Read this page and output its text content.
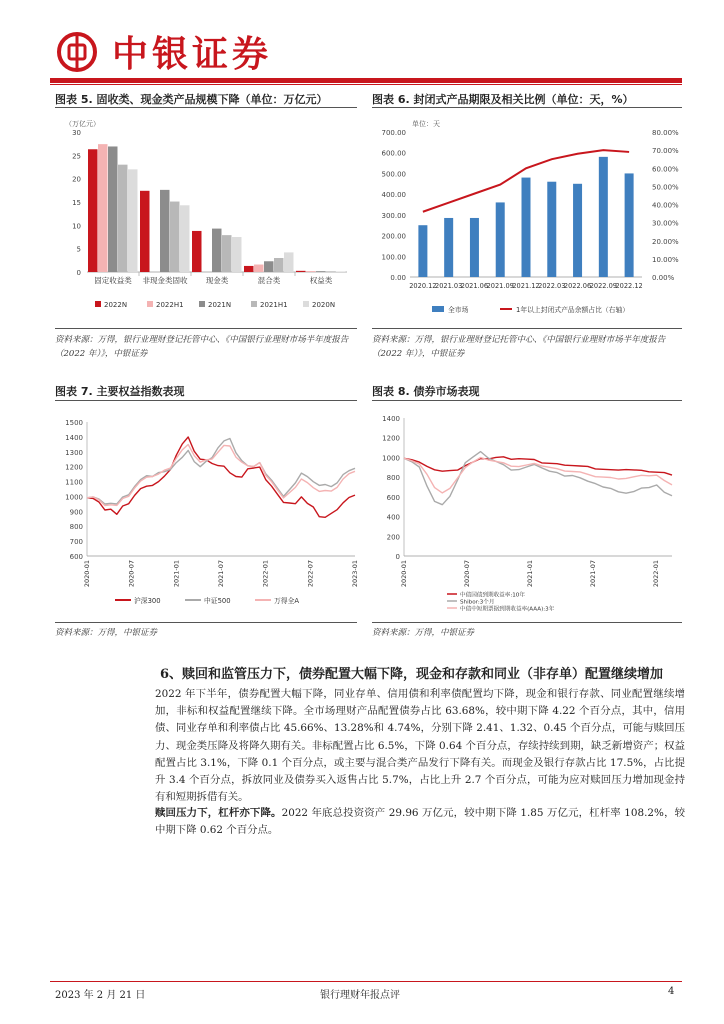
中银证券
图表 5. 固收类、现金类产品规模下降（单位：万亿元）	图表 6. 封闭式产品期限及相关比例（单位：天，%）
（万亿元）
0
5
10
15
20
25
30
固定收益类 非现金类固收 现金类	混合类	权益类
2022N	2022H1	2021N	2021H1	2020N
单位：天
0.00
100.00
200.00
300.00
400.00
500.00
600.00
700.00
0.00%
10.00%
20.00%
30.00%
40.00%
50.00%
60.00%
70.00%
80.00%
2020.12
2021.03
2021.06
2021.09
2021.12
2022.03
2022.06
2022.09
2022.12
全市场	1年以上封闭式产品余额占比（右轴）
资料来源：万得，银行业理财登记托管中心、《中国银行业理财市场半年度报告（2022 年）》，中银证券
资料来源：万得，银行业理财登记托管中心、《中国银行业理财市场半年度报告（2022 年）》，中银证券
图表 7. 主要权益指数表现	图表 8. 债券市场表现
600
700
800
900
1000
1100
1200
1300
1400
1500
2020-01	2020-07	2021-01	2021-07	2022-01	2022-07	2023-01
沪深300	中证500	万得全A
0
200
400
600
800
1000
1200
1400
2020-01	2020-07	2021-01	2021-07	2022-01
中债国债到期收益率:10年
Shibor:3个月
中债中短期票据到期收益率(AAA):3年
资料来源：万得，中银证券	资料来源：万得，中银证券
6、赎回和监管压力下，债券配置大幅下降，现金和存款和同业（非存单）配置继续增加
2022 年下半年，债券配置大幅下降，同业存单、信用债和利率债配置均下降，现金和银行存款、同业配置继续增加，非标和权益配置继续下降。全市场理财产品配置债券占比 63.68%，较中期下降 4.22 个百分点，其中，信用债、同业存单和利率债占比 45.66%、13.28%和 4.74%，分别下降 2.41、1.32、0.45 个百分点，可能与赎回压力、现金类压降及将降久期有关。非标配置占比 6.5%，下降 0.64 个百分点，存续持续到期，缺乏新增资产；权益配置占比 3.1%，下降 0.1 个百分点，或主要与混合类产品发行下降有关。而现金及银行存款占比 17.5%，占比提升 3.4 个百分点，拆放同业及债券买入返售占比 5.7%，占比上升 2.7 个百分点，可能为应对赎回压力增加现金持有和短期拆借有关。
赎回压力下，杠杆亦下降。2022 年底总投资资产 29.96 万亿元，较中期下降 1.85 万亿元，杠杆率 108.2%，较中期下降 0.62 个百分点。
2023 年 2 月 21 日	银行理财年报点评	4
